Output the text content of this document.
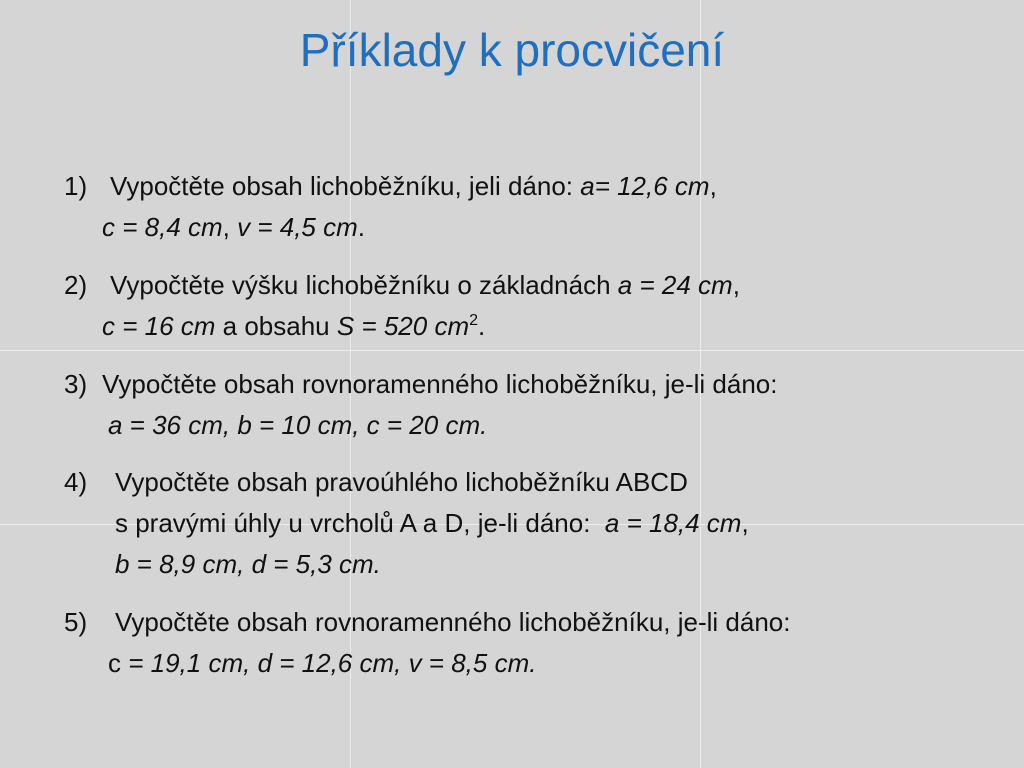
Příklady k procvičení
1) Vypočtěte obsah lichoběžníku, jeli dáno: a= 12,6 cm,
c = 8,4 cm, v = 4,5 cm.
2) Vypočtěte výšku lichoběžníku o základnách a = 24 cm,
c = 16 cm a obsahu S = 520 $cm^2$.
3) Vypočtěte obsah rovnoramenného lichoběžníku, je-li dáno:
a = 36 cm, b = 10 cm, c = 20 cm.
4) Vypočtěte obsah pravoúhlého lichoběžníku ABCD
s pravými úhly u vrcholů A a D, je-li dáno:  a = 18,4 cm,
b = 8,9 cm, d = 5,3 cm.
5) Vypočtěte obsah rovnoramenného lichoběžníku, je-li dáno:
c = 19,1 cm, d = 12,6 cm, v = 8,5 cm.
